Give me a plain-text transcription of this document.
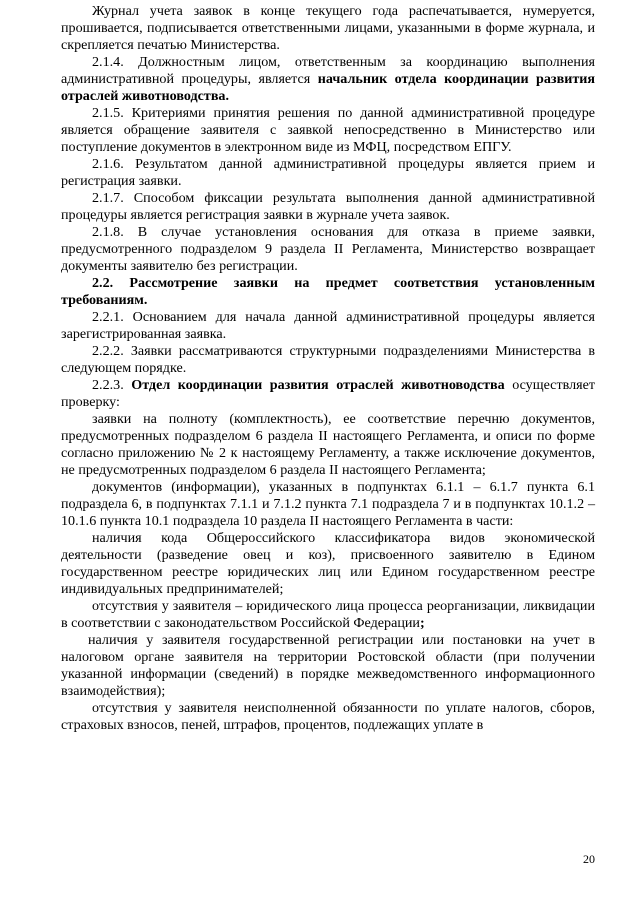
Журнал учета заявок в конце текущего года распечатывается, нумеруется, прошивается, подписывается ответственными лицами, указанными в форме журнала, и скрепляется печатью Министерства.

2.1.4. Должностным лицом, ответственным за координацию выполнения административной процедуры, является начальник отдела координации развития отраслей животноводства.

2.1.5. Критериями принятия решения по данной административной процедуре является обращение заявителя с заявкой непосредственно в Министерство или поступление документов в электронном виде из МФЦ, посредством ЕПГУ.

2.1.6. Результатом данной административной процедуры является прием и регистрация заявки.

2.1.7. Способом фиксации результата выполнения данной административной процедуры является регистрация заявки в журнале учета заявок.

2.1.8. В случае установления основания для отказа в приеме заявки, предусмотренного подразделом 9 раздела II Регламента, Министерство возвращает документы заявителю без регистрации.

2.2. Рассмотрение заявки на предмет соответствия установленным требованиям.

2.2.1. Основанием для начала данной административной процедуры является зарегистрированная заявка.

2.2.2. Заявки рассматриваются структурными подразделениями Министерства в следующем порядке.

2.2.3. Отдел координации развития отраслей животноводства осуществляет проверку:

заявки на полноту (комплектность), ее соответствие перечню документов, предусмотренных подразделом 6 раздела II настоящего Регламента, и описи по форме согласно приложению № 2 к настоящему Регламенту, а также исключение документов, не предусмотренных подразделом 6 раздела II настоящего Регламента;

документов (информации), указанных в подпунктах 6.1.1 – 6.1.7 пункта 6.1 подраздела 6, в подпунктах 7.1.1 и 7.1.2 пункта 7.1 подраздела 7 и в подпунктах 10.1.2 – 10.1.6 пункта 10.1 подраздела 10 раздела II настоящего Регламента в части:

наличия кода Общероссийского классификатора видов экономической деятельности (разведение овец и коз), присвоенного заявителю в Едином государственном реестре юридических лиц или Едином государственном реестре индивидуальных предпринимателей;

отсутствия у заявителя – юридического лица процесса реорганизации, ликвидации в соответствии с законодательством Российской Федерации;

наличия у заявителя государственной регистрации или постановки на учет в налоговом органе заявителя на территории Ростовской области (при получении указанной информации (сведений) в порядке межведомственного информационного взаимодействия);

отсутствия у заявителя неисполненной обязанности по уплате налогов, сборов, страховых взносов, пеней, штрафов, процентов, подлежащих уплате в

20
